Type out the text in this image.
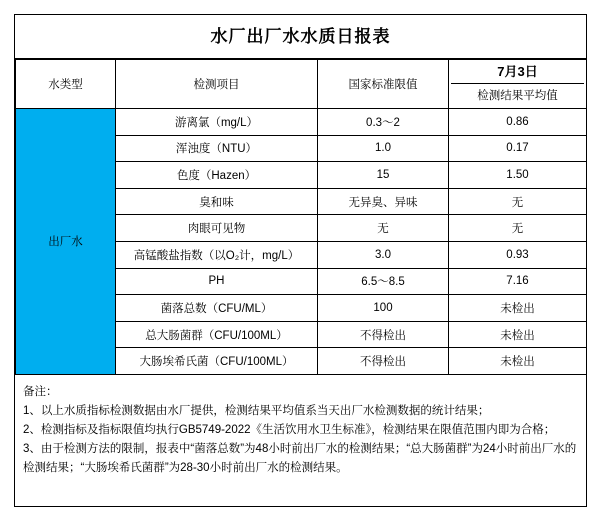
水厂出厂水水质日报表
水类型	检测项目	国家标准限值	7月3日
检测结果平均值

出厂水	游离氯（mg/L）	0.3～2	0.86
	浑浊度（NTU）	1.0	0.17
	色度（Hazen）	15	1.50
	臭和味	无异臭、异味	无
	肉眼可见物	无	无
	高锰酸盐指数（以O₂计，mg/L）	3.0	0.93
	PH	6.5～8.5	7.16
	菌落总数（CFU/ML）	100	未检出
	总大肠菌群（CFU/100ML）	不得检出	未检出
	大肠埃希氏菌（CFU/100ML）	不得检出	未检出

备注：

1、以上水质指标检测数据由水厂提供，检测结果平均值系当天出厂水检测数据的统计结果；

2、检测指标及指标限值均执行GB5749-2022《生活饮用水卫生标准》，检测结果在限值范围内即为合格；

3、由于检测方法的限制，报表中“菌落总数”为48小时前出厂水的检测结果；“总大肠菌群”为24小时前出厂水的检测结果；“大肠埃希氏菌群”为28-30小时前出厂水的检测结果。
